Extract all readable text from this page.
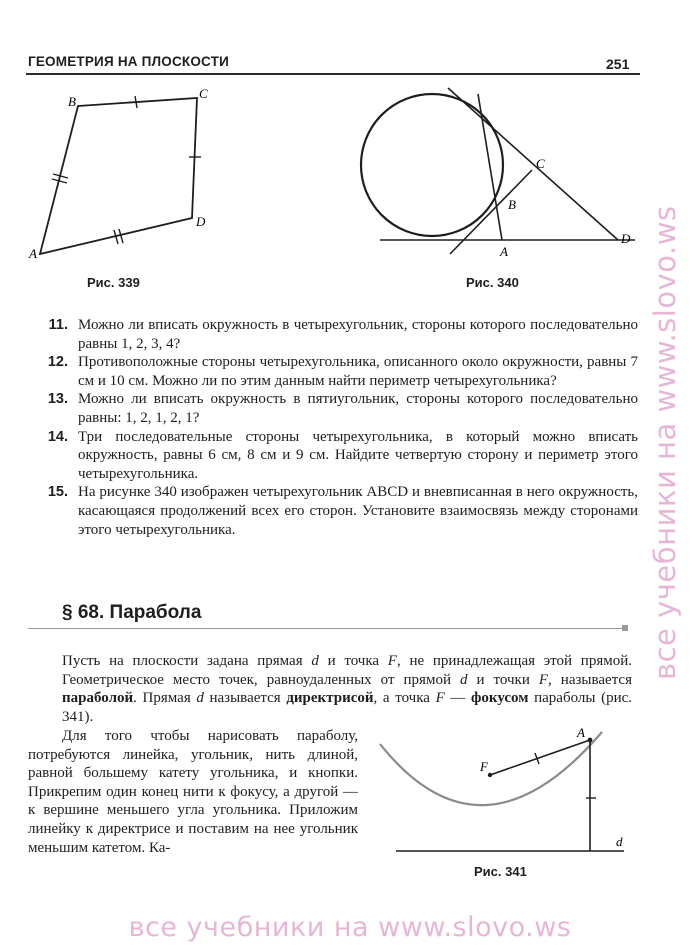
ГЕОМЕТРИЯ НА ПЛОСКОСТИ	251
B
C
D
A
Рис. 339
C
B
A
D
Рис. 340
11. Можно ли вписать окружность в четырехугольник, стороны которого последовательно равны 1, 2, 3, 4?
12. Противоположные стороны четырехугольника, описанного около окружности, равны 7 см и 10 см. Можно ли по этим данным найти периметр четырехугольника?
13. Можно ли вписать окружность в пятиугольник, стороны которого последовательно равны: 1, 2, 1, 2, 1?
14. Три последовательные стороны четырехугольника, в который можно вписать окружность, равны 6 см, 8 см и 9 см. Найдите четвертую сторону и периметр этого четырехугольника.
15. На рисунке 340 изображен четырехугольник ABCD и вневписанная в него окружность, касающаяся продолжений всех его сторон. Установите взаимосвязь между сторонами этого четырехугольника.
§ 68. Парабола
Пусть на плоскости задана прямая d и точка F, не принадлежащая этой прямой. Геометрическое место точек, равноудаленных от прямой d и точки F, называется параболой. Прямая d называется директрисой, а точка F — фокусом параболы (рис. 341).
Для того чтобы нарисовать параболу, потребуются линейка, угольник, нить длиной, равной большему катету угольника, и кнопки. Прикрепим один конец нити к фокусу, а другой — к вершине меньшего угла угольника. Приложим линейку к директрисе и поставим на нее угольник меньшим катетом. Ка-
F
A
d
Рис. 341
все учебники на www.slovo.ws
все учебники на www.slovo.ws
